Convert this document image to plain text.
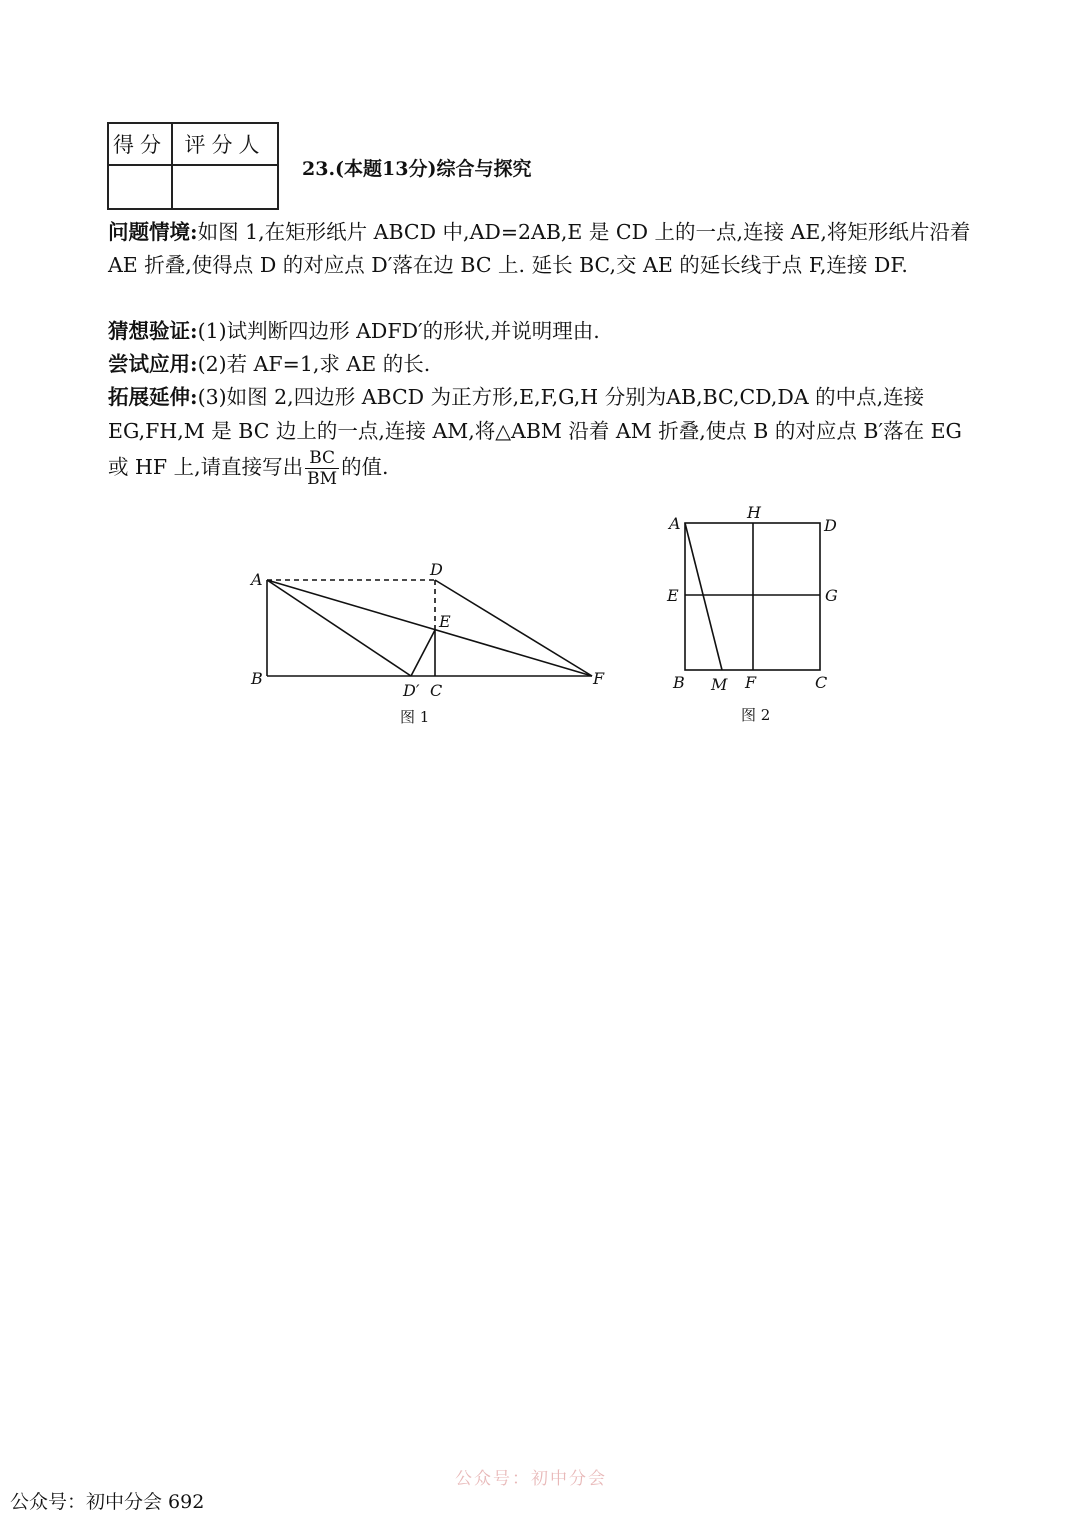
得分	评分人

23.(本题13分)综合与探究
问题情境:如图 1,在矩形纸片 ABCD 中,AD=2AB,E 是 CD 上的一点,连接 AE,将矩形纸片沿着 AE 折叠,使得点 D 的对应点 D′落在边 BC 上. 延长 BC,交 AE 的延长线于点 F,连接 DF.
猜想验证:(1)试判断四边形 ADFD′的形状,并说明理由.
尝试应用:(2)若 AF=1,求 AE 的长.
拓展延伸:(3)如图 2,四边形 ABCD 为正方形,E,F,G,H 分别为AB,BC,CD,DA 的中点,连接 EG,FH,M 是 BC 边上的一点,连接 AM,将△ABM 沿着 AM 折叠,使点 B 的对应点 B′落在 EG 或 HF 上,请直接写出 $\frac{BC}{BM}$ 的值.
A
D
E
B
D′ C
F
图 1
A
H
D
E	G
B M F	C
图 2
公众号：初中分会
公众号：初中分会 692
